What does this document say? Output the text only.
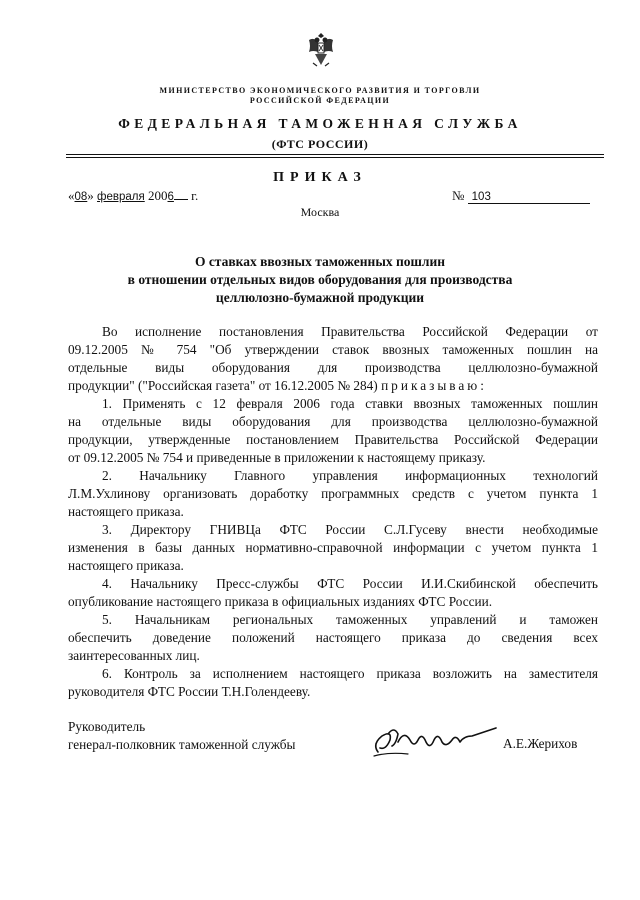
МИНИСТЕРСТВО ЭКОНОМИЧЕСКОГО РАЗВИТИЯ И ТОРГОВЛИ
РОССИЙСКОЙ ФЕДЕРАЦИИ
ФЕДЕРАЛЬНАЯ ТАМОЖЕННАЯ СЛУЖБА
(ФТС РОССИИ)
ПРИКАЗ
«08» февраля 2006 г.	№ 103
Москва
О ставках ввозных таможенных пошлин
в отношении отдельных видов оборудования для производства
целлюлозно-бумажной продукции
Во исполнение постановления Правительства Российской Федерации от
09.12.2005 № 754 "Об утверждении ставок ввозных таможенных пошлин на
отдельные виды оборудования для производства целлюлозно-бумажной
продукции" ("Российская газета" от 16.12.2005 № 284) приказываю:
1. Применять с 12 февраля 2006 года ставки ввозных таможенных пошлин
на отдельные виды оборудования для производства целлюлозно-бумажной
продукции, утвержденные постановлением Правительства Российской Федерации
от 09.12.2005 № 754 и приведенные в приложении к настоящему приказу.
2. Начальнику Главного управления информационных технологий
Л.М.Ухлинову организовать доработку программных средств с учетом пункта 1
настоящего приказа.
3. Директору ГНИВЦа ФТС России С.Л.Гусеву внести необходимые
изменения в базы данных нормативно-справочной информации с учетом пункта 1
настоящего приказа.
4. Начальнику Пресс-службы ФТС России И.И.Скибинской обеспечить
опубликование настоящего приказа в официальных изданиях ФТС России.
5. Начальникам региональных таможенных управлений и таможен
обеспечить доведение положений настоящего приказа до сведения всех
заинтересованных лиц.
6. Контроль за исполнением настоящего приказа возложить на заместителя
руководителя ФТС России Т.Н.Голендееву.
Руководитель
генерал-полковник таможенной службы	А.Е.Жерихов
